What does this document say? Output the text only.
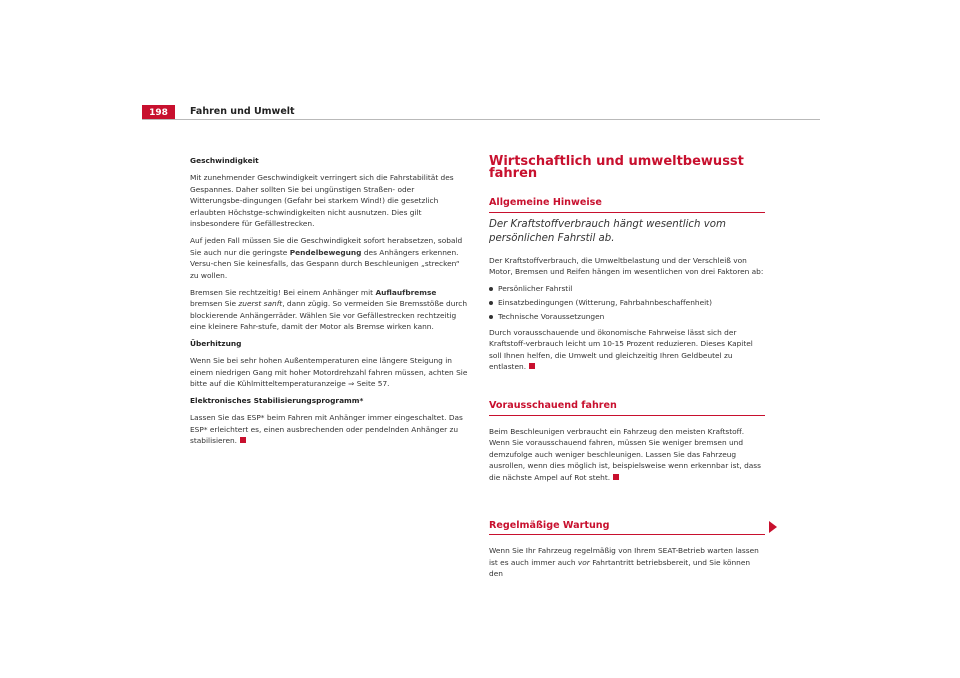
198	Fahren und Umwelt

Geschwindigkeit

Mit zunehmender Geschwindigkeit verringert sich die Fahrstabilität des Gespannes. Daher sollten Sie bei ungünstigen Straßen- oder Witterungsbe-dingungen (Gefahr bei starkem Wind!) die gesetzlich erlaubten Höchstge-schwindigkeiten nicht ausnutzen. Dies gilt insbesondere für Gefällestrecken.

Auf jeden Fall müssen Sie die Geschwindigkeit sofort herabsetzen, sobald Sie auch nur die geringste Pendelbewegung des Anhängers erkennen. Versu-chen Sie keinesfalls, das Gespann durch Beschleunigen „strecken“ zu wollen.

Bremsen Sie rechtzeitig! Bei einem Anhänger mit Auflaufbremse bremsen Sie zuerst sanft, dann zügig. So vermeiden Sie Bremsstöße durch blockierende Anhängerräder. Wählen Sie vor Gefällestrecken rechtzeitig eine kleinere Fahr-stufe, damit der Motor als Bremse wirken kann.

Überhitzung

Wenn Sie bei sehr hohen Außentemperaturen eine längere Steigung in einem niedrigen Gang mit hoher Motordrehzahl fahren müssen, achten Sie bitte auf die Kühlmitteltemperaturanzeige ⇒ Seite 57.

Elektronisches Stabilisierungsprogramm*

Lassen Sie das ESP* beim Fahren mit Anhänger immer eingeschaltet. Das ESP* erleichtert es, einen ausbrechenden oder pendelnden Anhänger zu stabilisieren.

Wirtschaftlich und umweltbewusst fahren
Allgemeine Hinweise
Der Kraftstoffverbrauch hängt wesentlich vom persönlichen Fahrstil ab.

Der Kraftstoffverbrauch, die Umweltbelastung und der Verschleiß von Motor, Bremsen und Reifen hängen im wesentlichen von drei Faktoren ab:

Persönlicher Fahrstil
Einsatzbedingungen (Witterung, Fahrbahnbeschaffenheit)
Technische Voraussetzungen

Durch vorausschauende und ökonomische Fahrweise lässt sich der Kraftstoff-verbrauch leicht um 10-15 Prozent reduzieren. Dieses Kapitel soll Ihnen helfen, die Umwelt und gleichzeitig Ihren Geldbeutel zu entlasten.

Vorausschauend fahren

Beim Beschleunigen verbraucht ein Fahrzeug den meisten Kraftstoff. Wenn Sie vorausschauend fahren, müssen Sie weniger bremsen und demzufolge auch weniger beschleunigen. Lassen Sie das Fahrzeug ausrollen, wenn dies möglich ist, beispielsweise wenn erkennbar ist, dass die nächste Ampel auf Rot steht.

Regelmäßige Wartung

Wenn Sie Ihr Fahrzeug regelmäßig von Ihrem SEAT-Betrieb warten lassen ist es auch immer auch vor Fahrtantritt betriebsbereit, und Sie können den
